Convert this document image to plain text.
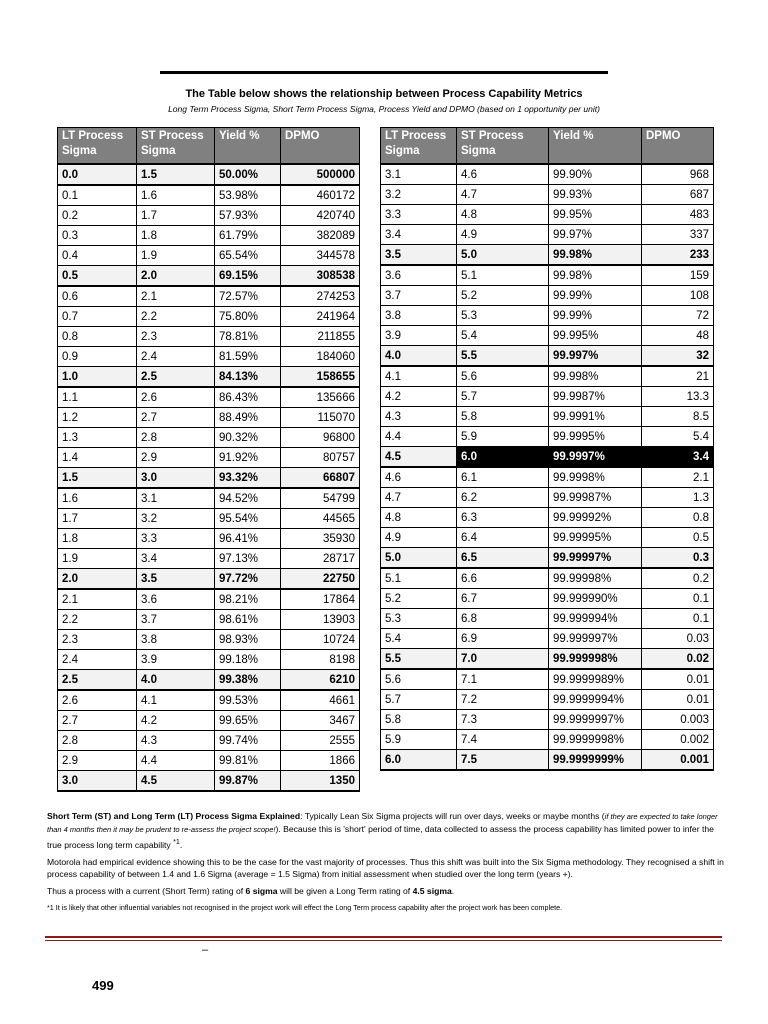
The Table below shows the relationship between Process Capability Metrics
Long Term Process Sigma, Short Term Process Sigma, Process Yield and DPMO (based on 1 opportunity per unit)
LT Process Sigma	ST Process Sigma	Yield %	DPMO
0.0	1.5	50.00%	500000
0.1	1.6	53.98%	460172
0.2	1.7	57.93%	420740
0.3	1.8	61.79%	382089
0.4	1.9	65.54%	344578
0.5	2.0	69.15%	308538
0.6	2.1	72.57%	274253
0.7	2.2	75.80%	241964
0.8	2.3	78.81%	211855
0.9	2.4	81.59%	184060
1.0	2.5	84.13%	158655
1.1	2.6	86.43%	135666
1.2	2.7	88.49%	115070
1.3	2.8	90.32%	96800
1.4	2.9	91.92%	80757
1.5	3.0	93.32%	66807
1.6	3.1	94.52%	54799
1.7	3.2	95.54%	44565
1.8	3.3	96.41%	35930
1.9	3.4	97.13%	28717
2.0	3.5	97.72%	22750
2.1	3.6	98.21%	17864
2.2	3.7	98.61%	13903
2.3	3.8	98.93%	10724
2.4	3.9	99.18%	8198
2.5	4.0	99.38%	6210
2.6	4.1	99.53%	4661
2.7	4.2	99.65%	3467
2.8	4.3	99.74%	2555
2.9	4.4	99.81%	1866
3.0	4.5	99.87%	1350
LT Process Sigma	ST Process Sigma	Yield %	DPMO
3.1	4.6	99.90%	968
3.2	4.7	99.93%	687
3.3	4.8	99.95%	483
3.4	4.9	99.97%	337
3.5	5.0	99.98%	233
3.6	5.1	99.98%	159
3.7	5.2	99.99%	108
3.8	5.3	99.99%	72
3.9	5.4	99.995%	48
4.0	5.5	99.997%	32
4.1	5.6	99.998%	21
4.2	5.7	99.9987%	13.3
4.3	5.8	99.9991%	8.5
4.4	5.9	99.9995%	5.4
4.5	6.0	99.9997%	3.4
4.6	6.1	99.9998%	2.1
4.7	6.2	99.99987%	1.3
4.8	6.3	99.99992%	0.8
4.9	6.4	99.99995%	0.5
5.0	6.5	99.99997%	0.3
5.1	6.6	99.99998%	0.2
5.2	6.7	99.999990%	0.1
5.3	6.8	99.999994%	0.1
5.4	6.9	99.999997%	0.03
5.5	7.0	99.999998%	0.02
5.6	7.1	99.9999989%	0.01
5.7	7.2	99.9999994%	0.01
5.8	7.3	99.9999997%	0.003
5.9	7.4	99.9999998%	0.002
6.0	7.5	99.9999999%	0.001

Short Term (ST) and Long Term (LT) Process Sigma Explained: Typically Lean Six Sigma projects will run over days, weeks or maybe months (if they are expected to take longer than 4 months then it may be prudent to re-assess the project scope!). Because this is 'short' period of time, data collected to assess the process capability has limited power to infer the true process long term capability $^{*1}$.

Motorola had empirical evidence showing this to be the case for the vast majority of processes. Thus this shift was built into the Six Sigma methodology. They recognised a shift in process capability of between 1.4 and 1.6 Sigma (average = 1.5 Sigma) from initial assessment when studied over the long term (years +).

Thus a process with a current (Short Term) rating of 6 sigma will be given a Long Term rating of 4.5 sigma.

*1 It is likely that other influential variables not recognised in the project work will effect the Long Term process capability after the project work has been complete.

–
499
